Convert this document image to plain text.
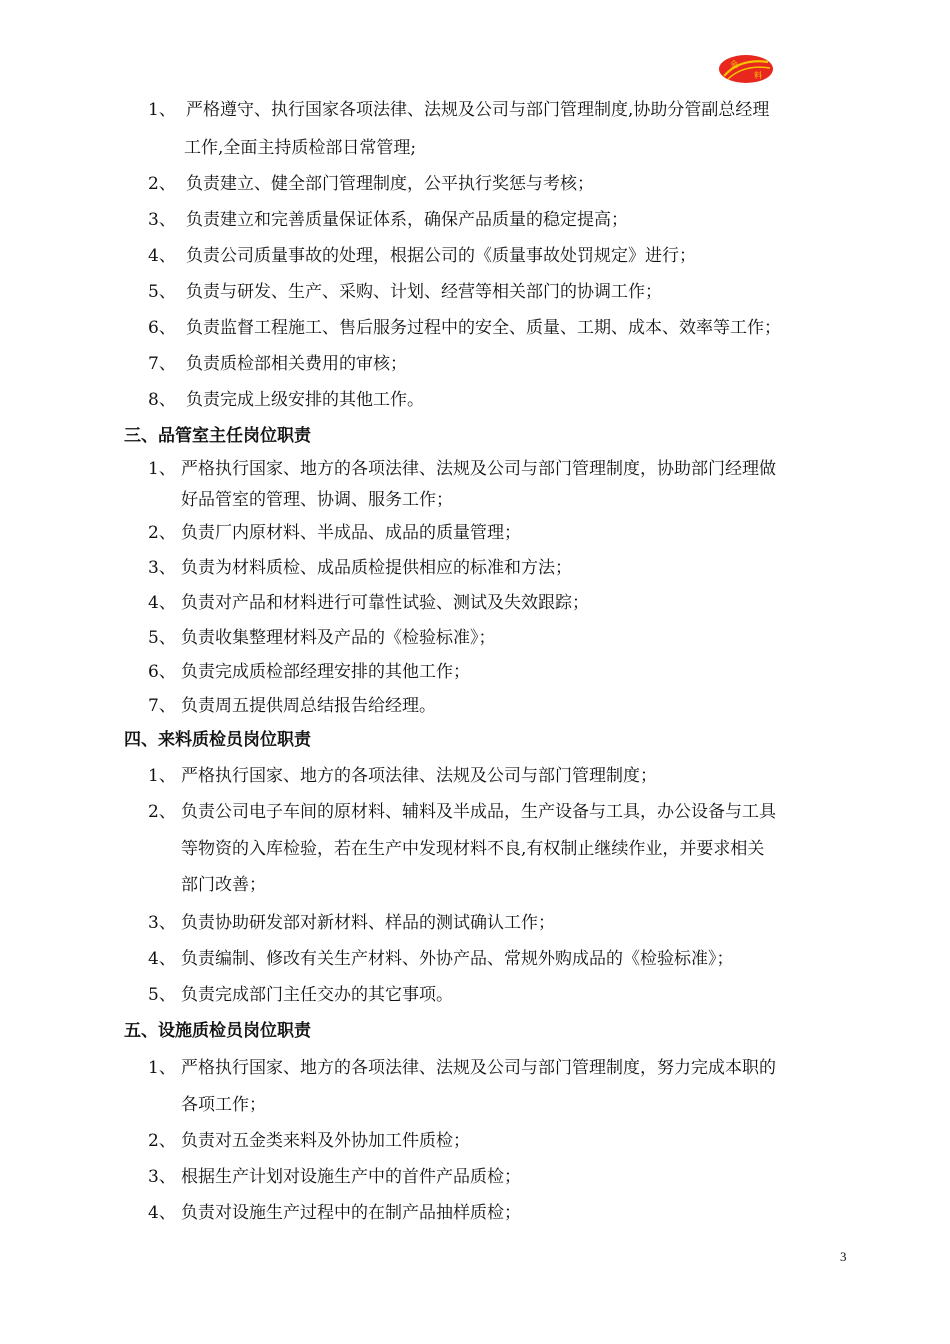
金
料
1、 严格遵守、执行国家各项法律、法规及公司与部门管理制度,协助分管副总经理
工作,全面主持质检部日常管理;
2、 负责建立、健全部门管理制度，公平执行奖惩与考核；
3、 负责建立和完善质量保证体系，确保产品质量的稳定提高；
4、 负责公司质量事故的处理，根据公司的《质量事故处罚规定》进行；
5、 负责与研发、生产、采购、计划、经营等相关部门的协调工作；
6、 负责监督工程施工、售后服务过程中的安全、质量、工期、成本、效率等工作；
7、 负责质检部相关费用的审核；
8、 负责完成上级安排的其他工作。
三、品管室主任岗位职责
1、 严格执行国家、地方的各项法律、法规及公司与部门管理制度，协助部门经理做
好品管室的管理、协调、服务工作；
2、 负责厂内原材料、半成品、成品的质量管理；
3、 负责为材料质检、成品质检提供相应的标准和方法；
4、 负责对产品和材料进行可靠性试验、测试及失效跟踪；
5、 负责收集整理材料及产品的《检验标准》；
6、 负责完成质检部经理安排的其他工作；
7、 负责周五提供周总结报告给经理。
四、来料质检员岗位职责
1、 严格执行国家、地方的各项法律、法规及公司与部门管理制度；
2、 负责公司电子车间的原材料、辅料及半成品，生产设备与工具，办公设备与工具
等物资的入库检验，若在生产中发现材料不良,有权制止继续作业，并要求相关
部门改善；
3、 负责协助研发部对新材料、样品的测试确认工作；
4、 负责编制、修改有关生产材料、外协产品、常规外购成品的《检验标准》；
5、 负责完成部门主任交办的其它事项。
五、设施质检员岗位职责
1、 严格执行国家、地方的各项法律、法规及公司与部门管理制度，努力完成本职的
各项工作；
2、 负责对五金类来料及外协加工件质检；
3、 根据生产计划对设施生产中的首件产品质检；
4、 负责对设施生产过程中的在制产品抽样质检；
3
